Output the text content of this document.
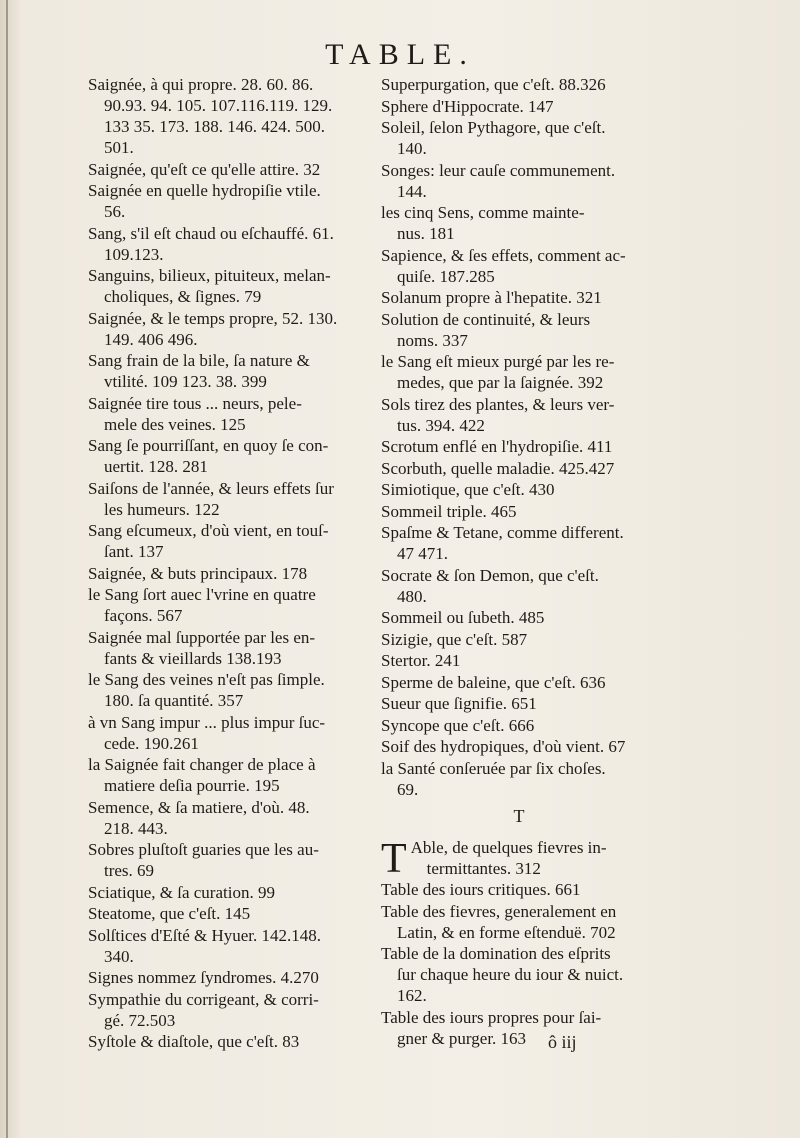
TABLE.
Saignée, à qui propre. 28. 60. 86.
90.93. 94. 105. 107.116.119. 129.
133 35. 173. 188. 146. 424. 500.
501.
Saignée, qu'eſt ce qu'elle attire. 32
Saignée en quelle hydropiſie vtile.
56.
Sang, s'il eſt chaud ou eſchauffé. 61.
109.123.
Sanguins, bilieux, pituiteux, melan-
choliques, & ſignes. 79
Saignée, & le temps propre, 52. 130.
149. 406 496.
Sang frain de la bile, ſa nature &
vtilité. 109 123. 38. 399
Saignée tire tous ... neurs, pele-
mele des veines. 125
Sang ſe pourriſſant, en quoy ſe con-
uertit. 128. 281
Saiſons de l'année, & leurs effets ſur
les humeurs. 122
Sang eſcumeux, d'où vient, en touſ-
ſant. 137
Saignée, & buts principaux. 178
le Sang ſort auec l'vrine en quatre
façons. 567
Saignée mal ſupportée par les en-
fants & vieillards 138.193
le Sang des veines n'eſt pas ſimple.
180. ſa quantité. 357
à vn Sang impur ... plus impur ſuc-
cede. 190.261
la Saignée fait changer de place à
matiere deſia pourrie. 195
Semence, & ſa matiere, d'où. 48.
218. 443.
Sobres pluſtoſt guaries que les au-
tres. 69
Sciatique, & ſa curation. 99
Steatome, que c'eſt. 145
Solſtices d'Eſté & Hyuer. 142.148.
340.
Signes nommez ſyndromes. 4.270
Sympathie du corrigeant, & corri-
gé. 72.503
Syſtole & diaſtole, que c'eſt. 83
Superpurgation, que c'eſt. 88.326
Sphere d'Hippocrate. 147
Soleil, ſelon Pythagore, que c'eſt.
140.
Songes: leur cauſe communement.
144.
les cinq Sens, comme mainte-
nus. 181
Sapience, & ſes effets, comment ac-
quiſe. 187.285
Solanum propre à l'hepatite. 321
Solution de continuité, & leurs
noms. 337
le Sang eſt mieux purgé par les re-
medes, que par la ſaignée. 392
Sols tirez des plantes, & leurs ver-
tus. 394. 422
Scrotum enflé en l'hydropiſie. 411
Scorbuth, quelle maladie. 425.427
Simiotique, que c'eſt. 430
Sommeil triple. 465
Spaſme & Tetane, comme different.
47 471.
Socrate & ſon Demon, que c'eſt.
480.
Sommeil ou ſubeth. 485
Sizigie, que c'eſt. 587
Stertor. 241
Sperme de baleine, que c'eſt. 636
Sueur que ſignifie. 651
Syncope que c'eſt. 666
Soif des hydropiques, d'où vient. 67
la Santé conſeruée par ſix choſes.
69.
T
T Able, de quelques fievres in-
termittantes. 312
Table des iours critiques. 661
Table des fievres, generalement en
Latin, & en forme eſtenduë. 702
Table de la domination des eſprits
ſur chaque heure du iour & nuict.
162.
Table des iours propres pour ſai-
gner & purger. 163	ô iij
